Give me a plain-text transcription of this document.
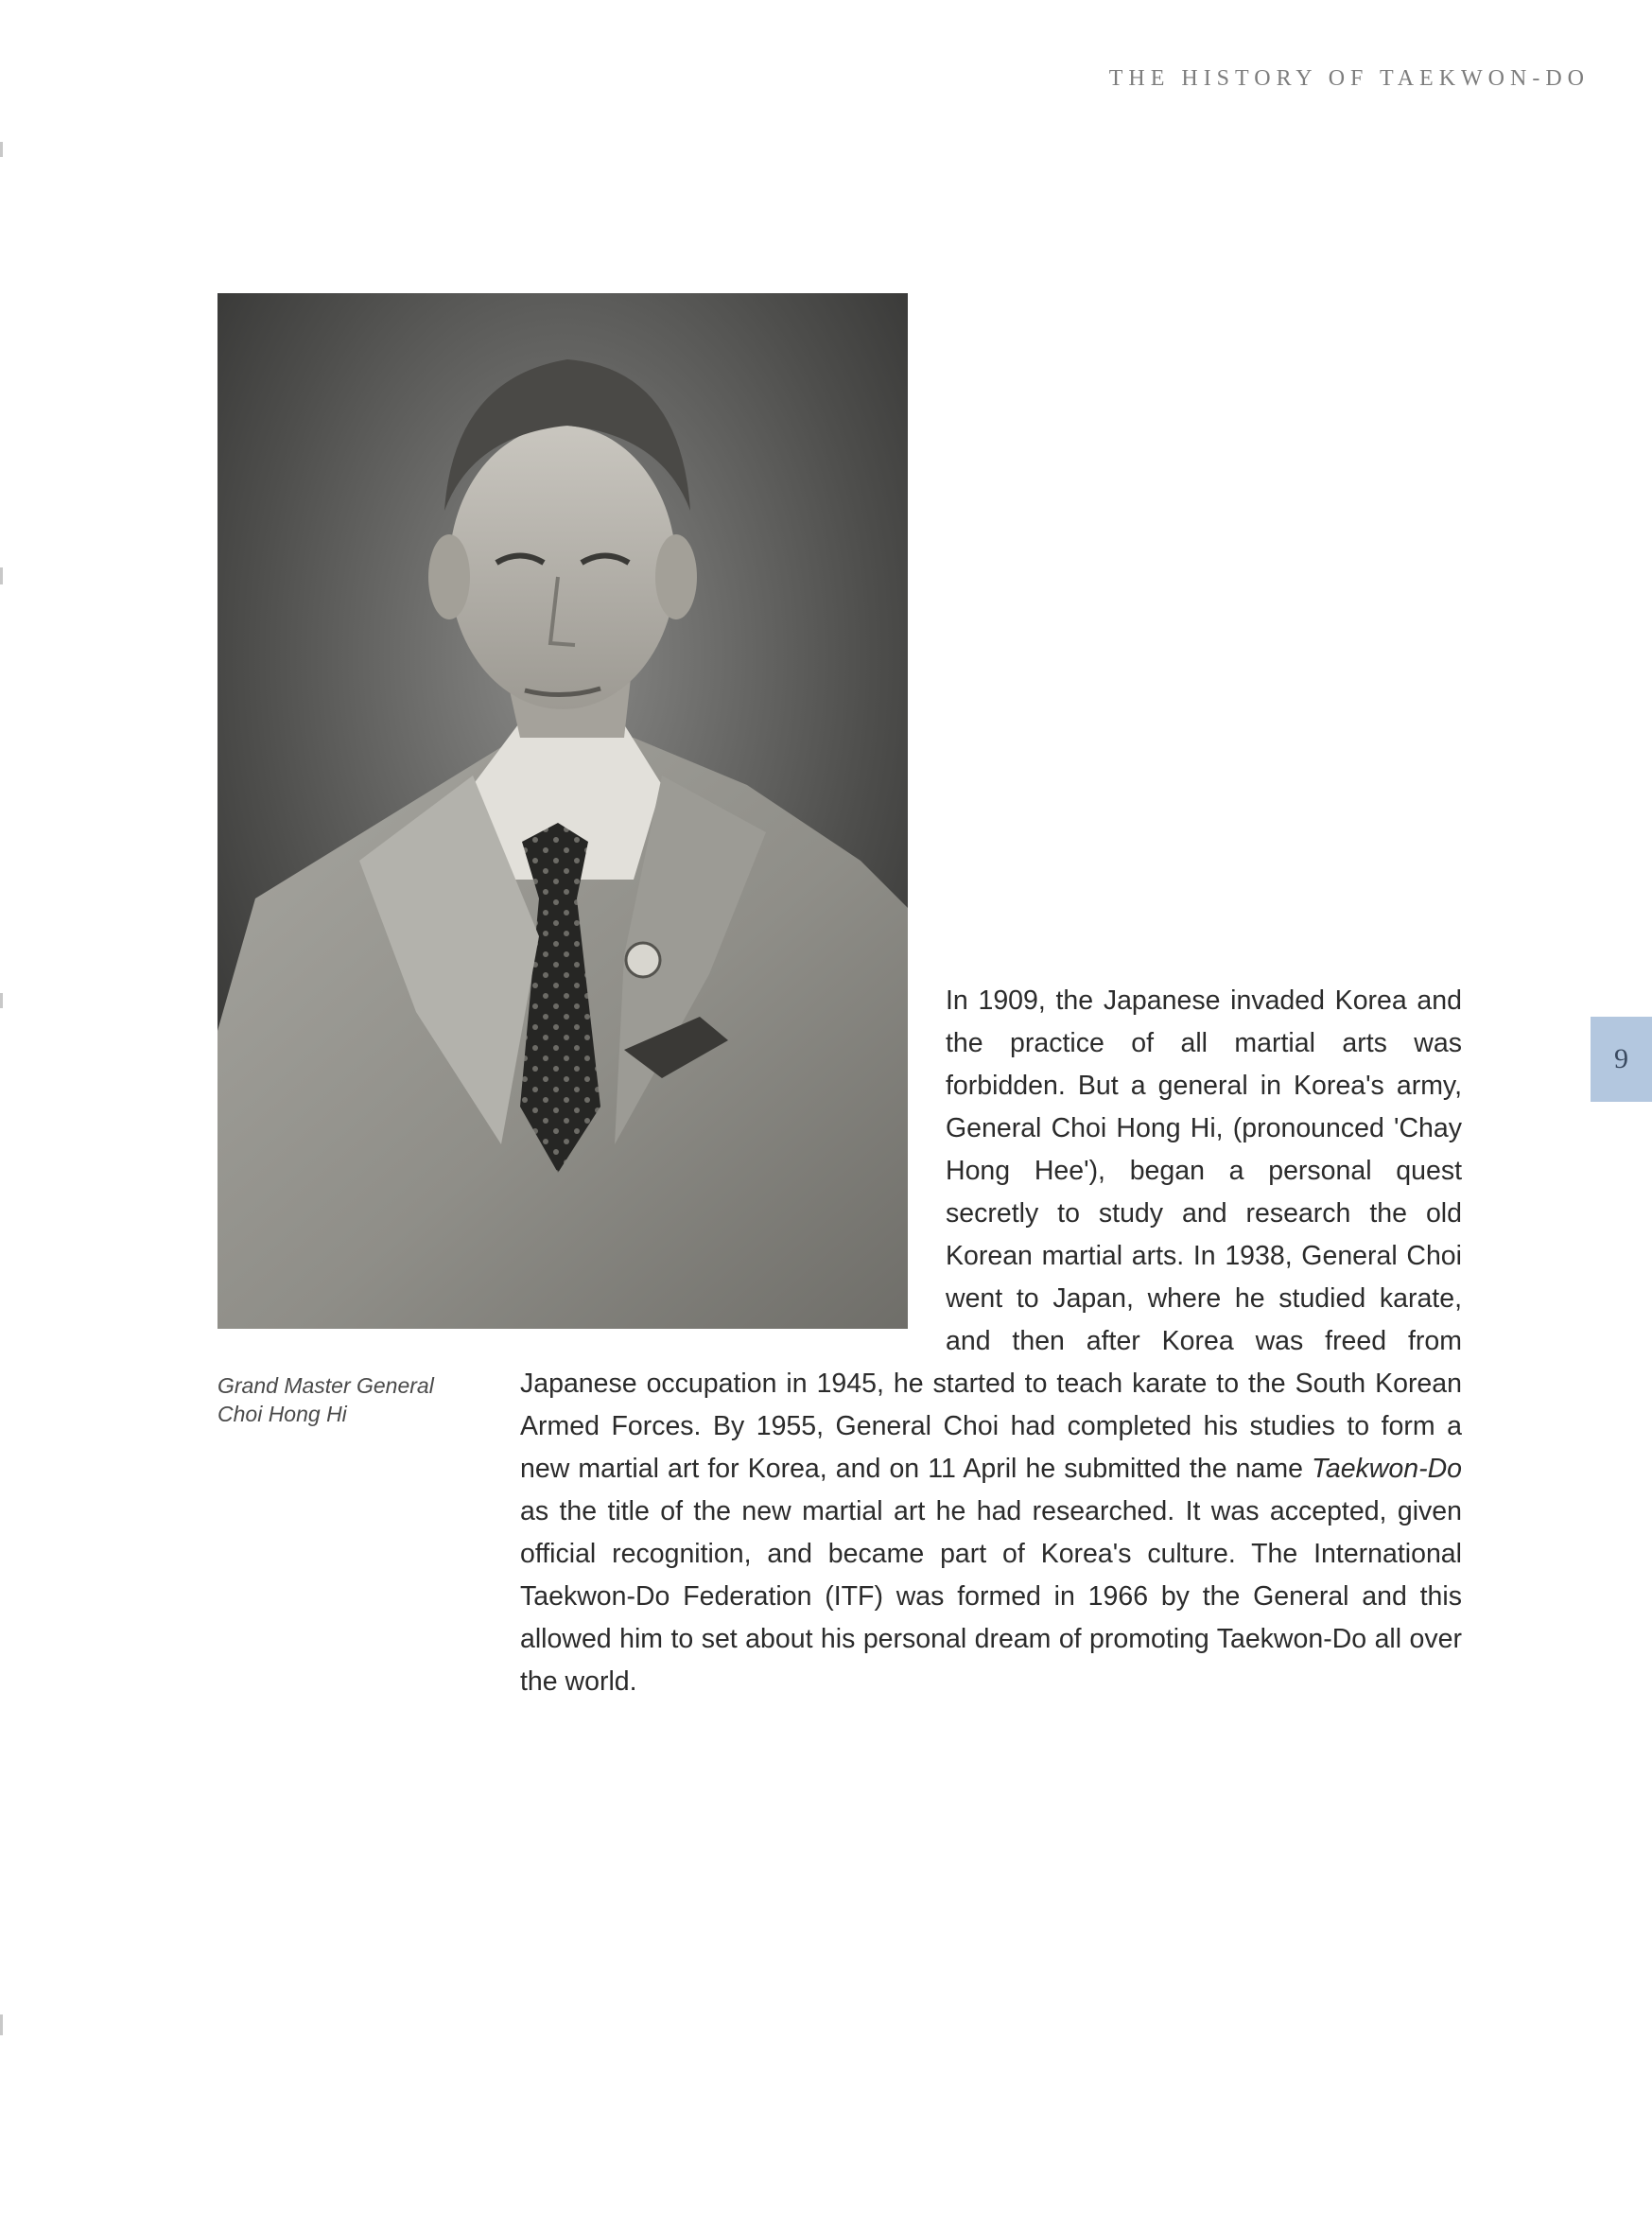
THE HISTORY OF TAEKWON-DO
Grand Master General
Choi Hong Hi

In 1909, the Japanese invaded Korea and the practice of all martial arts was forbidden. But a general in Korea's army, General Choi Hong Hi, (pronounced 'Chay Hong Hee'), began a personal quest secretly to study and research the old Korean martial arts. In 1938, General Choi went to Japan, where he studied karate, and then after Korea was freed from Japanese occupation in 1945, he started to teach karate to the South Korean Armed Forces. By 1955, General Choi had completed his studies to form a new martial art for Korea, and on 11 April he submitted the name Taekwon-Do as the title of the new martial art he had researched. It was accepted, given official recognition, and became part of Korea's culture. The International Taekwon-Do Federation (ITF) was formed in 1966 by the General and this allowed him to set about his personal dream of promoting Taekwon-Do all over the world.

9
